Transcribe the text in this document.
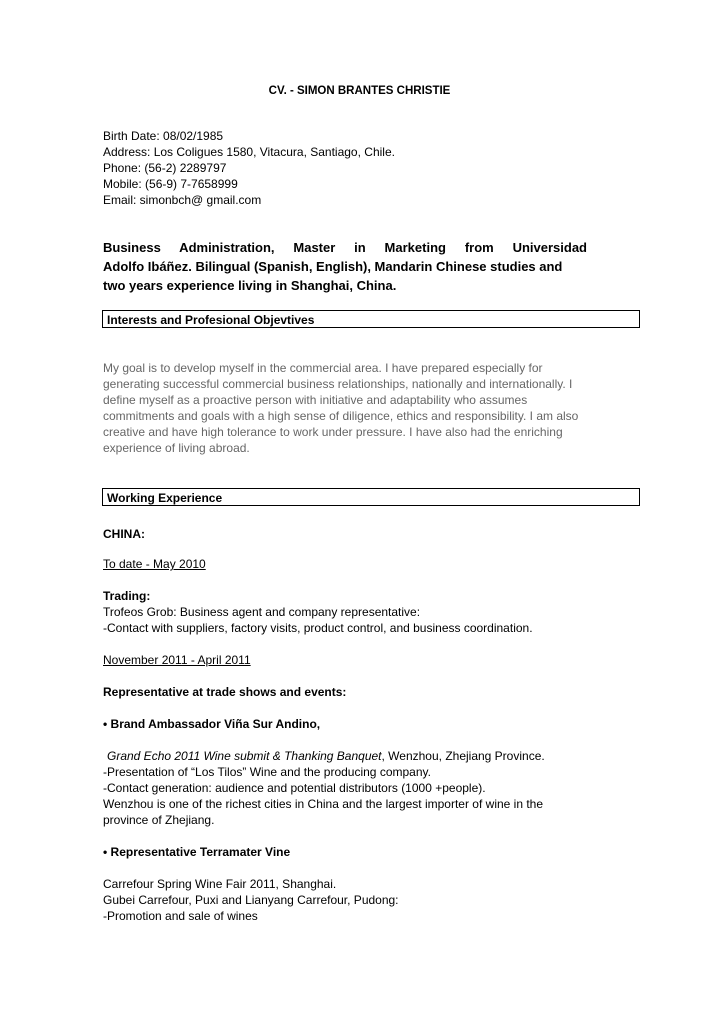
CV. - SIMON BRANTES CHRISTIE
Birth Date: 08/02/1985
Address: Los Coligues 1580, Vitacura, Santiago, Chile.
Phone: (56-2) 2289797
Mobile: (56-9) 7-7658999
Email: simonbch@ gmail.com
Business Administration, Master in Marketing from Universidad
Adolfo Ibáñez. Bilingual (Spanish, English), Mandarin Chinese studies and
two years experience living in Shanghai, China.
Interests and Profesional Objevtives
My goal is to develop myself in the commercial area. I have prepared especially for
generating successful commercial business relationships, nationally and internationally. I
define myself as a proactive person with initiative and adaptability who assumes
commitments and goals with a high sense of diligence, ethics and responsibility. I am also
creative and have high tolerance to work under pressure. I have also had the enriching
experience of living abroad.
Working Experience
CHINA:
To date - May 2010
Trading:
Trofeos Grob: Business agent and company representative:
-Contact with suppliers, factory visits, product control, and business coordination.
November 2011 - April 2011
Representative at trade shows and events:
• Brand Ambassador Viña Sur Andino,
Grand Echo 2011 Wine submit & Thanking Banquet, Wenzhou, Zhejiang Province.
-Presentation of “Los Tilos” Wine and the producing company.
-Contact generation: audience and potential distributors (1000 +people).
Wenzhou is one of the richest cities in China and the largest importer of wine in the
province of Zhejiang.
• Representative Terramater Vine
Carrefour Spring Wine Fair 2011, Shanghai.
Gubei Carrefour, Puxi and Lianyang Carrefour, Pudong:
-Promotion and sale of wines
